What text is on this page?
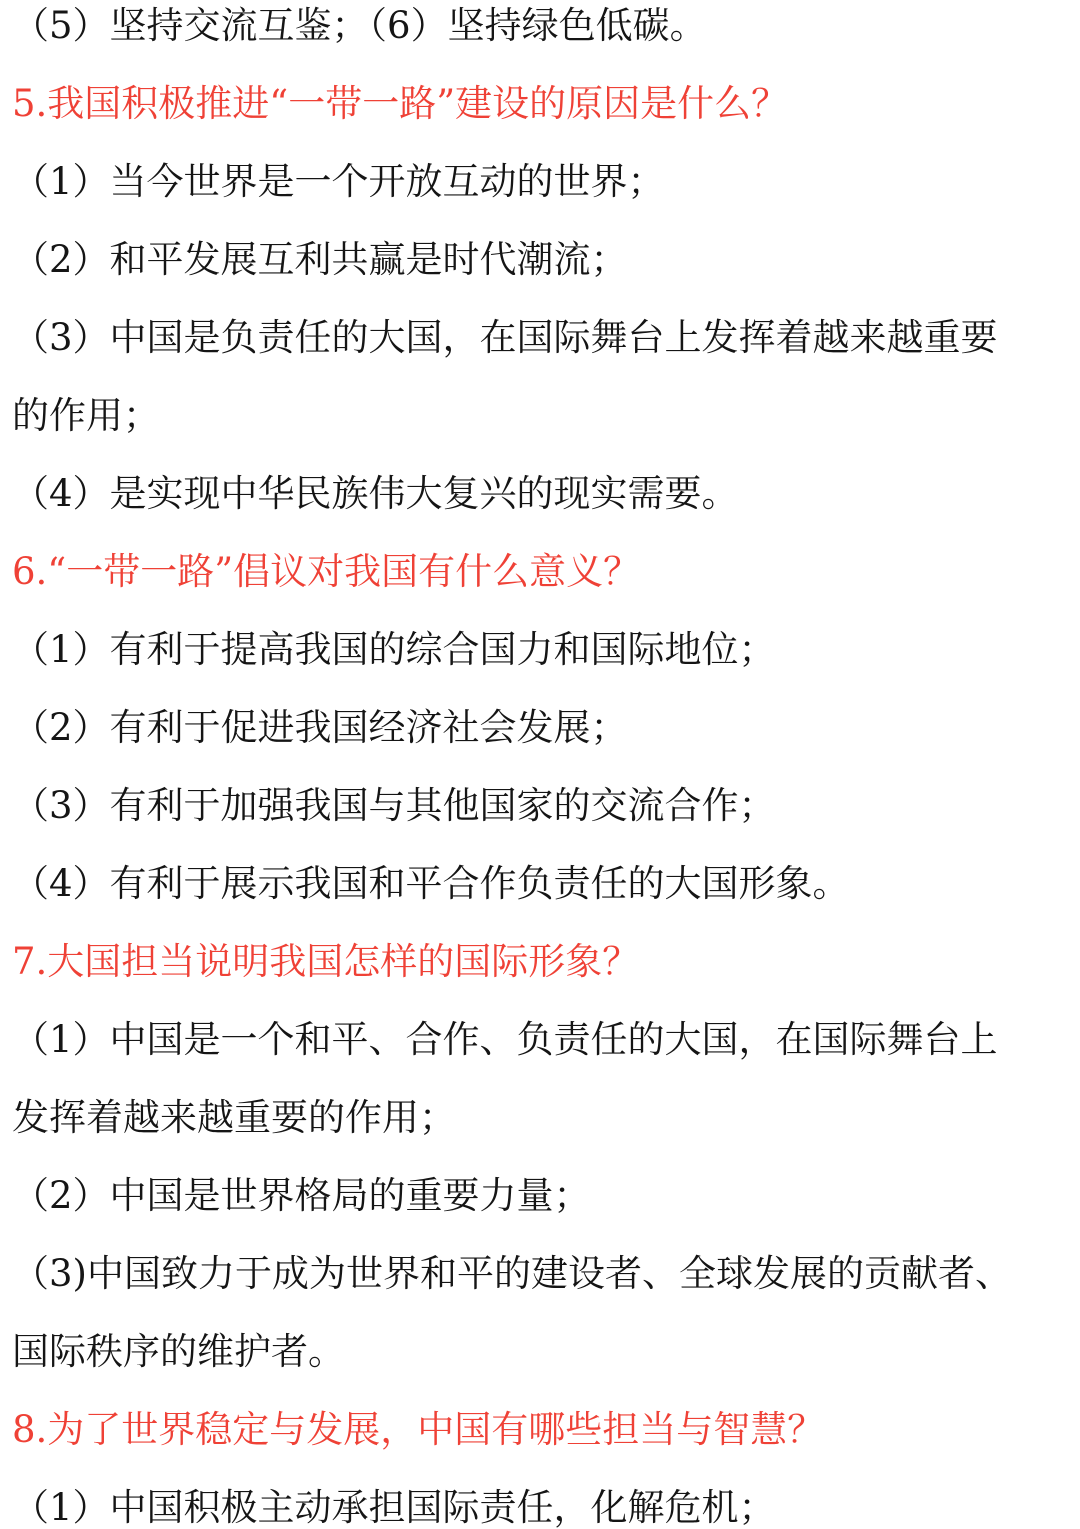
（5）坚持交流互鉴；（6）坚持绿色低碳。
5.我国积极推进“一带一路”建设的原因是什么？
（1）当今世界是一个开放互动的世界；
（2）和平发展互利共赢是时代潮流；
（3）中国是负责任的大国，在国际舞台上发挥着越来越重要
的作用；
（4）是实现中华民族伟大复兴的现实需要。
6.“一带一路”倡议对我国有什么意义？
（1）有利于提高我国的综合国力和国际地位；
（2）有利于促进我国经济社会发展；
（3）有利于加强我国与其他国家的交流合作；
（4）有利于展示我国和平合作负责任的大国形象。
7.大国担当说明我国怎样的国际形象？
（1）中国是一个和平、合作、负责任的大国，在国际舞台上
发挥着越来越重要的作用；
（2）中国是世界格局的重要力量；
（3)中国致力于成为世界和平的建设者、全球发展的贡献者、
国际秩序的维护者。
8.为了世界稳定与发展，中国有哪些担当与智慧？
（1）中国积极主动承担国际责任，化解危机；
